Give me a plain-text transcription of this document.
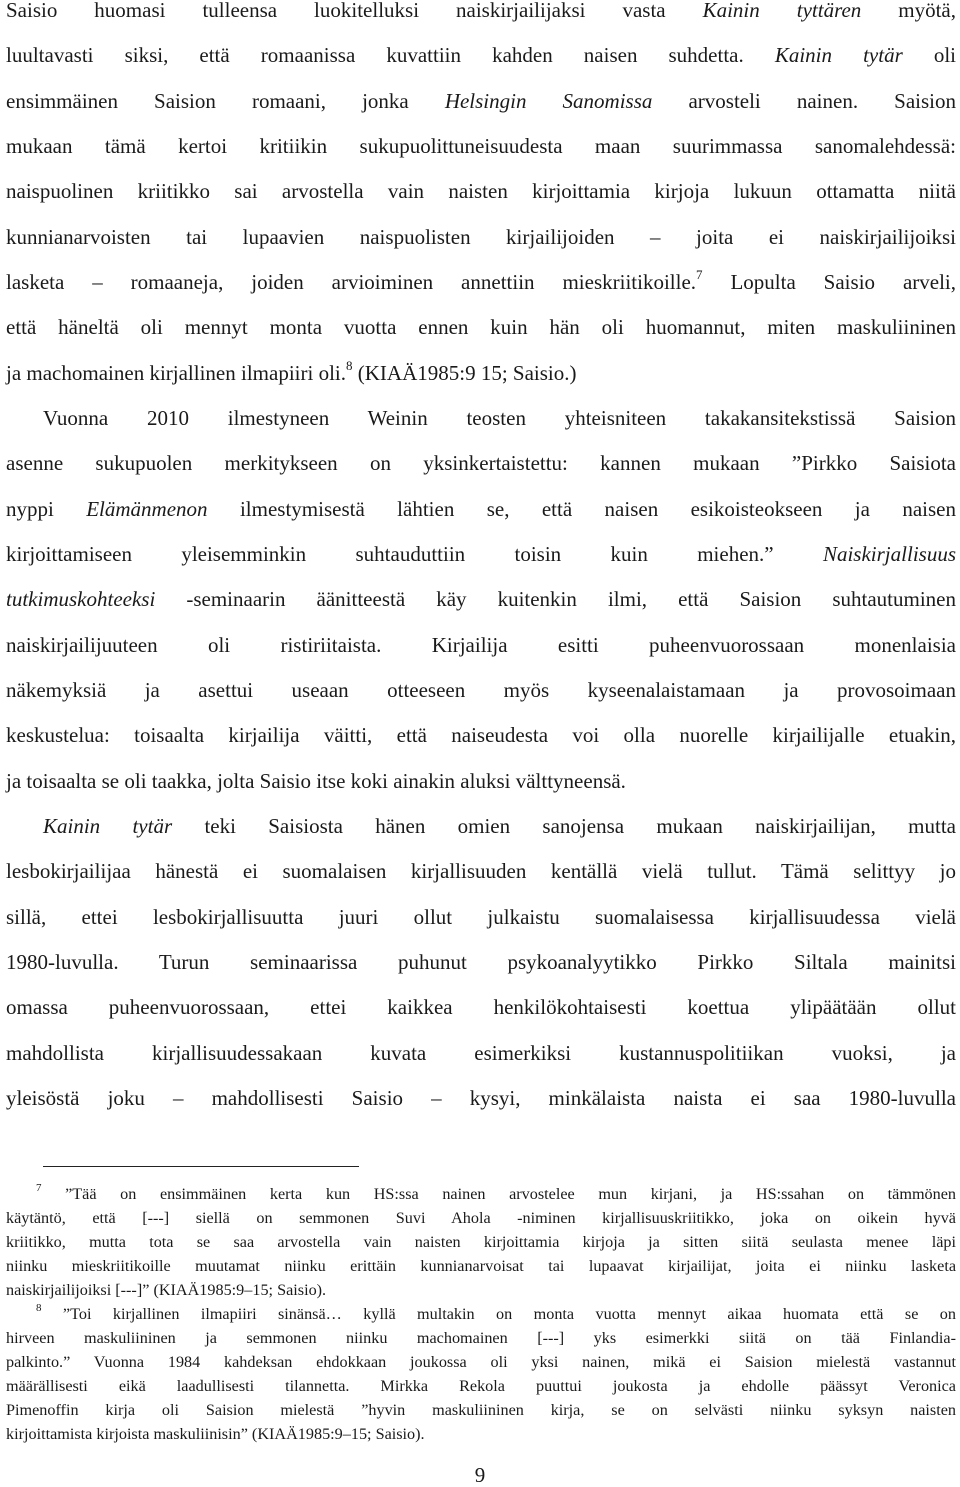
Saisio huomasi tulleensa luokitelluksi naiskirjailijaksi vasta Kainin tyttären myötä,
luultavasti siksi, että romaanissa kuvattiin kahden naisen suhdetta. Kainin tytär oli
ensimmäinen Saision romaani, jonka Helsingin Sanomissa arvosteli nainen. Saision
mukaan tämä kertoi kritiikin sukupuolittuneisuudesta maan suurimmassa sanomalehdessä:
naispuolinen kriitikko sai arvostella vain naisten kirjoittamia kirjoja lukuun ottamatta niitä
kunnianarvoisten tai lupaavien naispuolisten kirjailijoiden – joita ei naiskirjailijoiksi
lasketa – romaaneja, joiden arvioiminen annettiin mieskriitikoille.$^7$ Lopulta Saisio arveli,
että häneltä oli mennyt monta vuotta ennen kuin hän oli huomannut, miten maskuliininen
ja machomainen kirjallinen ilmapiiri oli.$^8$ (KIAÄ1985:9 15; Saisio.)
Vuonna 2010 ilmestyneen Weinin teosten yhteisniteen takakansitekstissä Saision
asenne sukupuolen merkitykseen on yksinkertaistettu: kannen mukaan ”Pirkko Saisiota
nyppi Elämänmenon ilmestymisestä lähtien se, että naisen esikoisteokseen ja naisen
kirjoittamiseen yleisemminkin suhtauduttiin toisin kuin miehen.” Naiskirjallisuus
tutkimuskohteeksi -seminaarin äänitteestä käy kuitenkin ilmi, että Saision suhtautuminen
naiskirjailijuuteen oli ristiriitaista. Kirjailija esitti puheenvuorossaan monenlaisia
näkemyksiä ja asettui useaan otteeseen myös kyseenalaistamaan ja provosoimaan
keskustelua: toisaalta kirjailija väitti, että naiseudesta voi olla nuorelle kirjailijalle etuakin,
ja toisaalta se oli taakka, jolta Saisio itse koki ainakin aluksi välttyneensä.
Kainin tytär teki Saisiosta hänen omien sanojensa mukaan naiskirjailijan, mutta
lesbokirjailijaa hänestä ei suomalaisen kirjallisuuden kentällä vielä tullut. Tämä selittyy jo
sillä, ettei lesbokirjallisuutta juuri ollut julkaistu suomalaisessa kirjallisuudessa vielä
1980-luvulla. Turun seminaarissa puhunut psykoanalyytikko Pirkko Siltala mainitsi
omassa puheenvuorossaan, ettei kaikkea henkilökohtaisesti koettua ylipäätään ollut
mahdollista kirjallisuudessakaan kuvata esimerkiksi kustannuspolitiikan vuoksi, ja
yleisöstä joku – mahdollisesti Saisio – kysyi, minkälaista naista ei saa 1980-luvulla
$^7$ ”Tää on ensimmäinen kerta kun HS:ssa nainen arvostelee mun kirjani, ja HS:ssahan on tämmönen
käytäntö, että [---] siellä on semmonen Suvi Ahola -niminen kirjallisuuskriitikko, joka on oikein hyvä
kriitikko, mutta tota se saa arvostella vain naisten kirjoittamia kirjoja ja sitten siitä seulasta menee läpi
niinku mieskriitikoille muutamat niinku erittäin kunnianarvoisat tai lupaavat kirjailijat, joita ei niinku lasketa
naiskirjailijoiksi [---]” (KIAÄ1985:9–15; Saisio).
$^8$ ”Toi kirjallinen ilmapiiri sinänsä… kyllä multakin on monta vuotta mennyt aikaa huomata että se on
hirveen maskuliininen ja semmonen niinku machomainen [---] yks esimerkki siitä on tää Finlandia-
palkinto.” Vuonna 1984 kahdeksan ehdokkaan joukossa oli yksi nainen, mikä ei Saision mielestä vastannut
määrällisesti eikä laadullisesti tilannetta. Mirkka Rekola puuttui joukosta ja ehdolle päässyt Veronica
Pimenoffin kirja oli Saision mielestä ”hyvin maskuliininen kirja, se on selvästi niinku syksyn naisten
kirjoittamista kirjoista maskuliinisin” (KIAÄ1985:9–15; Saisio).
9
